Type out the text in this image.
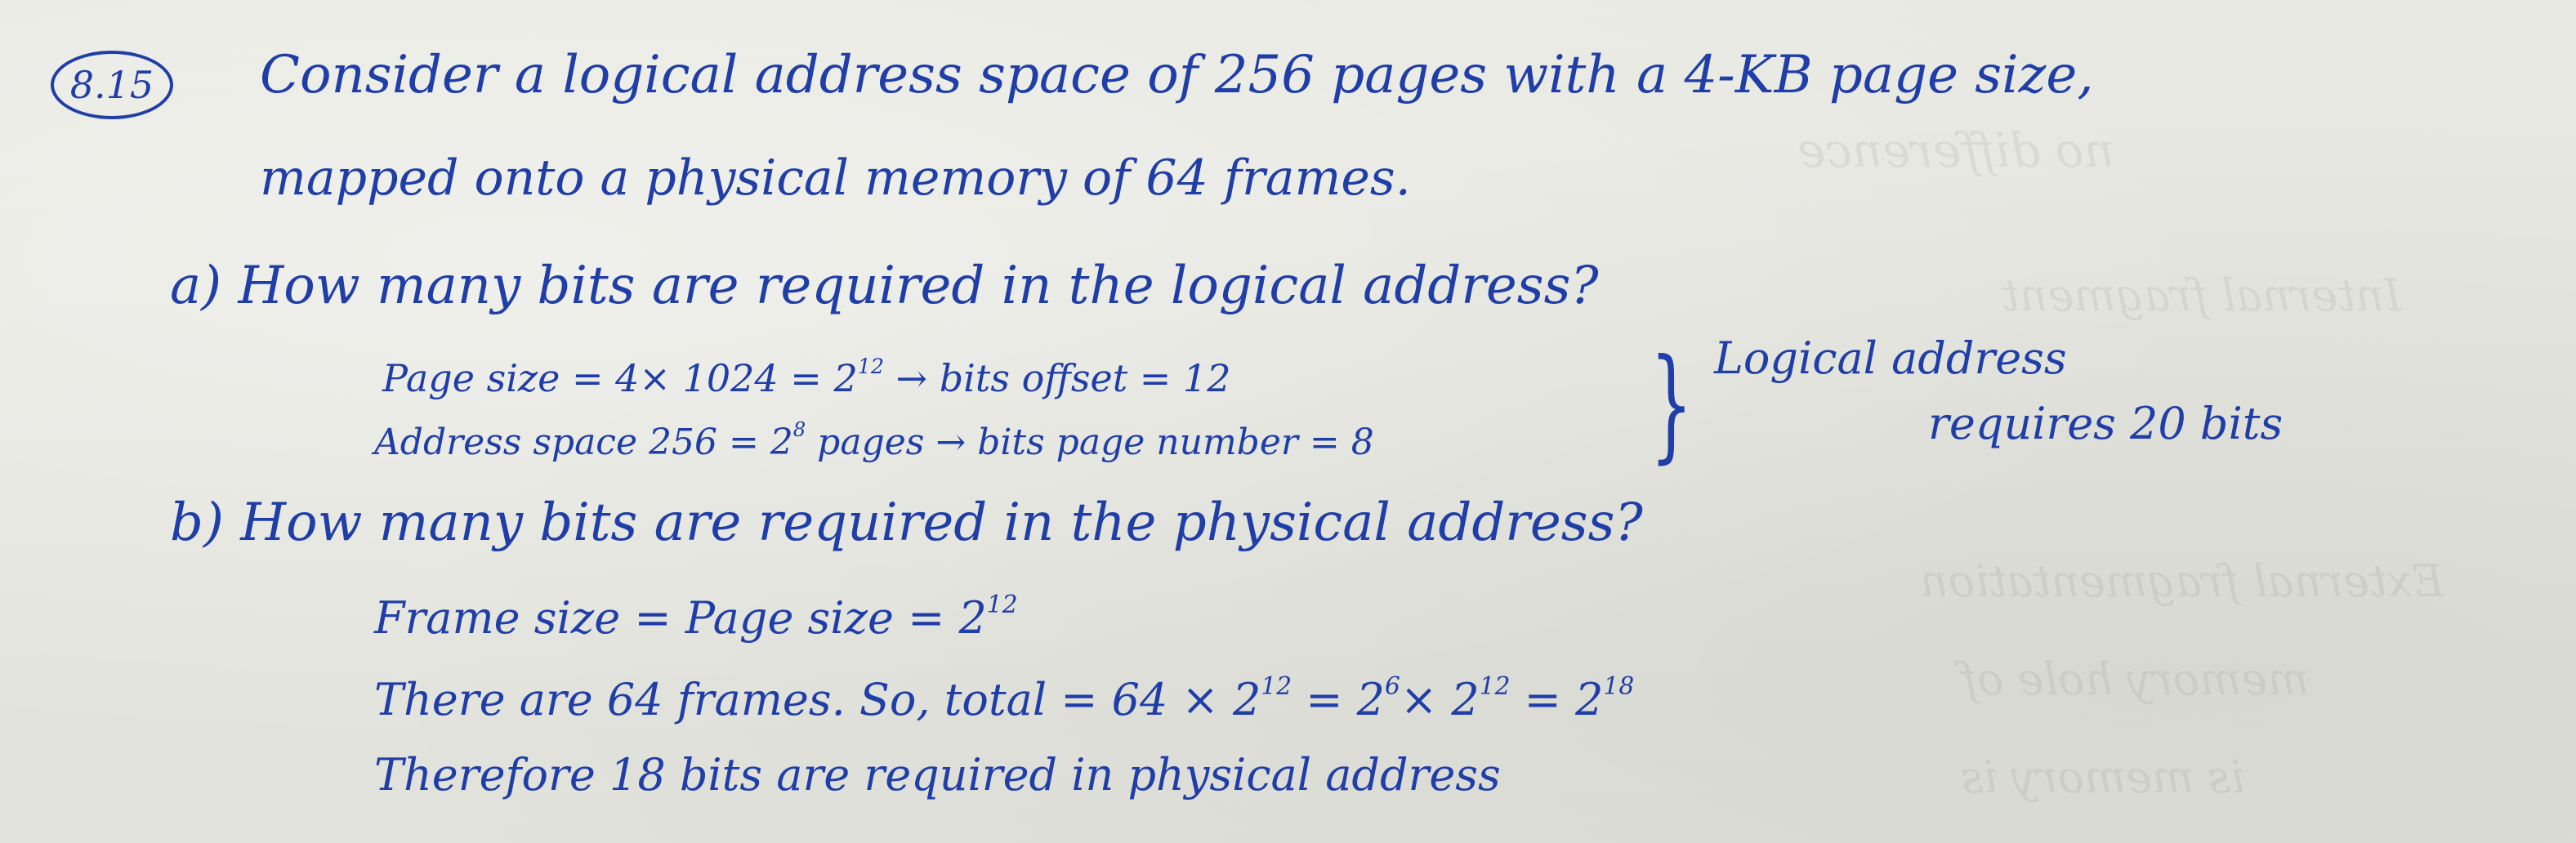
no difference
Internal fragment
External fragmentation
memory hole of
is memory is
8.15 Consider a logical address space of 256 pages with a 4-KB page size,
mapped onto a physical memory of 64 frames.
a) How many bits are required in the logical address?
Page size = $4\times 1024 = 2^{12}$ → bits offset = 12
Address space $256 = 2^8$ pages → bits page number = 8 } Logical address
requires 20 bits
b) How many bits are required in the physical address?
Frame size = Page size = $2^{12}$
There are 64 frames. So, total = $64 \times 2^{12} = 2^6\times 2^{12} = 2^{18}$
Therefore 18 bits are required in physical address
